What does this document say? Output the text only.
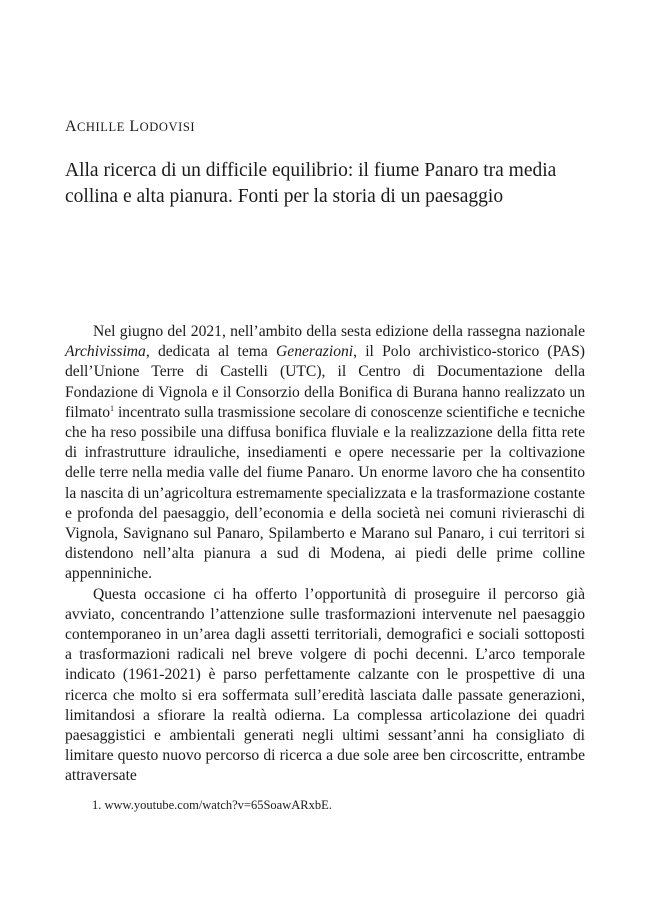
ACHILLE LODOVISI
Alla ricerca di un difficile equilibrio: il fiume Panaro tra media
collina e alta pianura. Fonti per la storia di un paesaggio

Nel giugno del 2021, nell’ambito della sesta edizione della rassegna nazionale Archivissima, dedicata al tema Generazioni, il Polo archivistico-storico (PAS) dell’Unione Terre di Castelli (UTC), il Centro di Documentazione della Fondazione di Vignola e il Consorzio della Bonifica di Burana hanno realizzato un filmato$^1$ incentrato sulla trasmissione secolare di conoscenze scientifiche e tecniche che ha reso possibile una diffusa bonifica fluviale e la realizzazione della fitta rete di infrastrutture idrauliche, insediamenti e opere necessarie per la coltivazione delle terre nella media valle del fiume Panaro. Un enorme lavoro che ha consentito la nascita di un’agricoltura estremamente specializzata e la trasformazione costante e profonda del paesaggio, dell’economia e della società nei comuni rivierаschi di Vignola, Savignano sul Panaro, Spilamberto e Marano sul Panaro, i cui territori si distendono nell’alta pianura a sud di Modena, ai piedi delle prime colline appenniniche.

Questa occasione ci ha offerto l’opportunità di proseguire il percorso già avviato, concentrando l’attenzione sulle trasformazioni intervenute nel paesaggio contemporaneo in un’area dagli assetti territoriali, demografici e sociali sottoposti a trasformazioni radicali nel breve volgere di pochi decenni. L’arco temporale indicato (1961-2021) è parso perfettamente calzante con le prospettive di una ricerca che molto si era soffermata sull’eredità lasciata dalle passate generazioni, limitandosi a sfiorare la realtà odierna. La complessa articolazione dei quadri paesaggistici e ambientali generati negli ultimi sessant’anni ha consigliato di limitare questo nuovo percorso di ricerca a due sole aree ben circoscritte, entrambe attraversate

1. www.youtube.com/watch?v=65SoawARxbE.
